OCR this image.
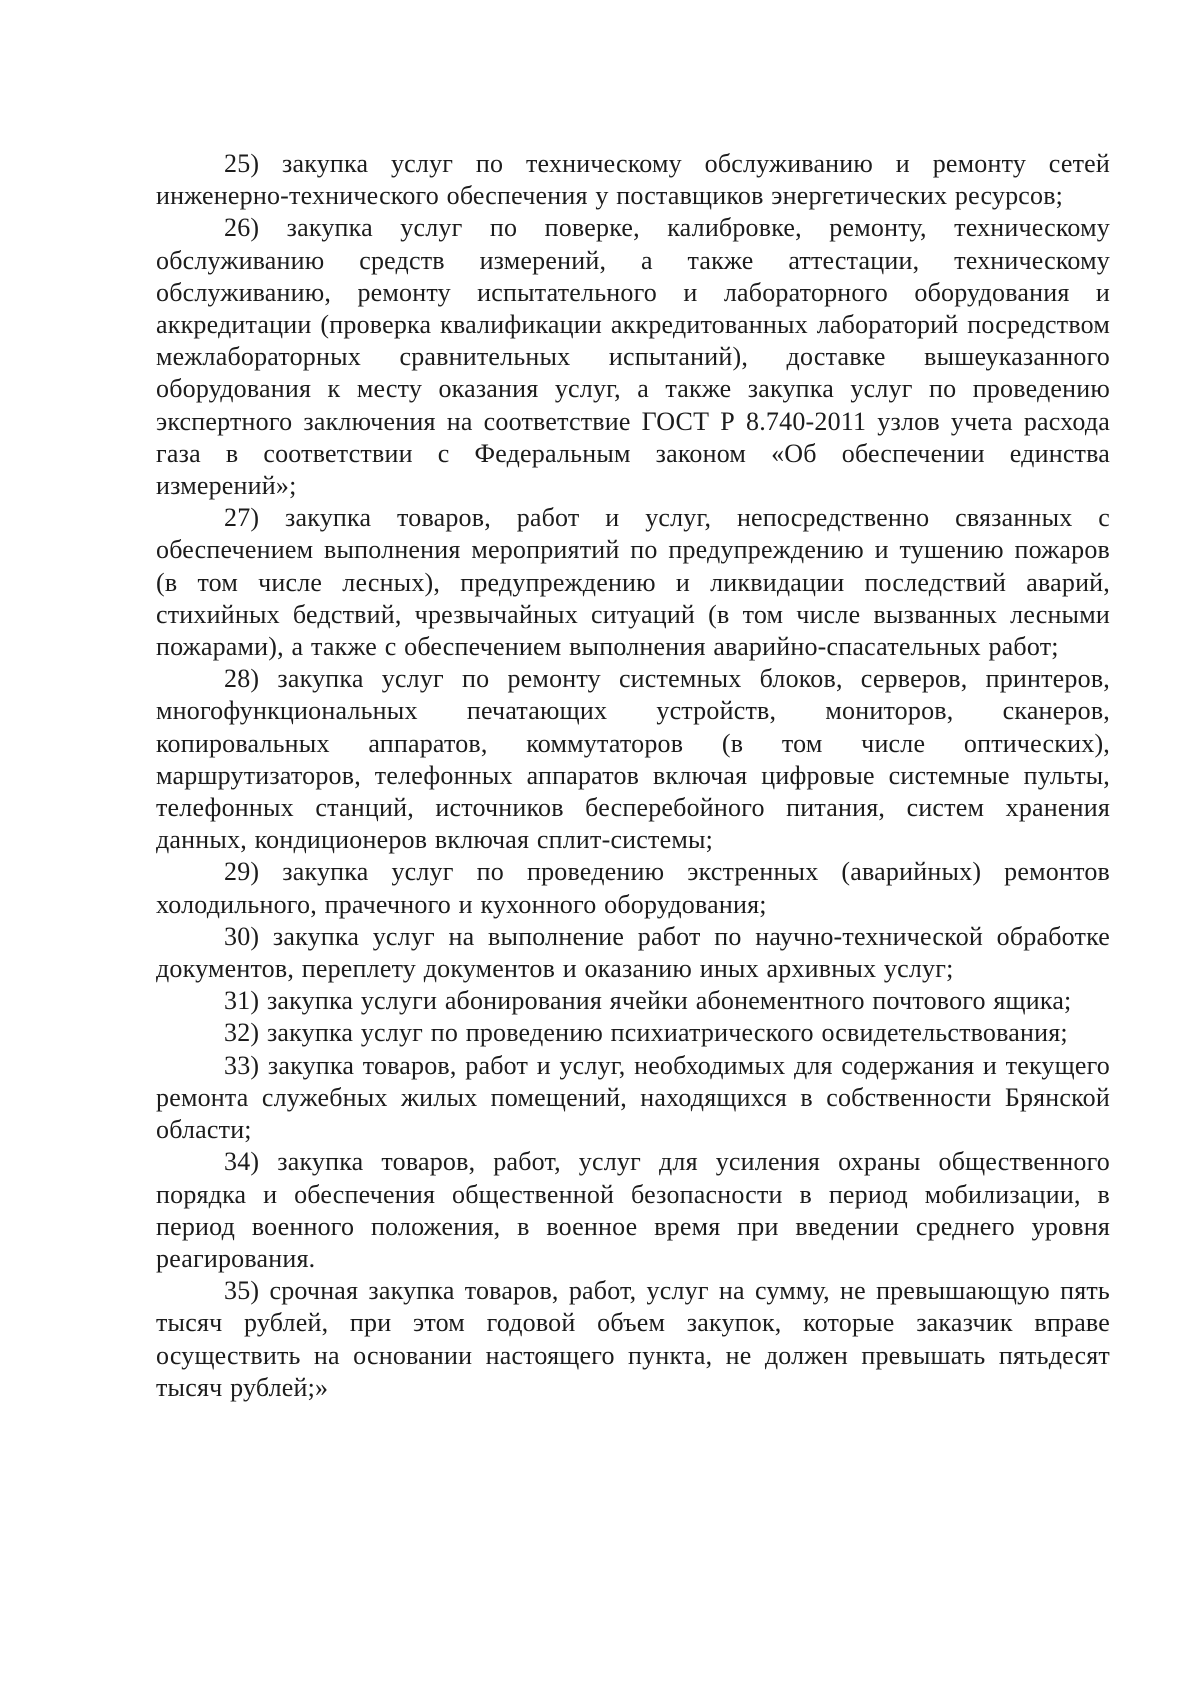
25) закупка услуг по техническому обслуживанию и ремонту сетей инженерно-технического обеспечения у поставщиков энергетических ресурсов;

26) закупка услуг по поверке, калибровке, ремонту, техническому обслуживанию средств измерений, а также аттестации, техническому обслуживанию, ремонту испытательного и лабораторного оборудования и аккредитации (проверка квалификации аккредитованных лабораторий посредством межлабораторных сравнительных испытаний), доставке вышеуказанного оборудования к месту оказания услуг, а также закупка услуг по проведению экспертного заключения на соответствие ГОСТ Р 8.740-2011 узлов учета расхода газа в соответствии с Федеральным законом «Об обеспечении единства измерений»;

27) закупка товаров, работ и услуг, непосредственно связанных с обеспечением выполнения мероприятий по предупреждению и тушению пожаров (в том числе лесных), предупреждению и ликвидации последствий аварий, стихийных бедствий, чрезвычайных ситуаций (в том числе вызванных лесными пожарами), а также с обеспечением выполнения аварийно-спасательных работ;

28) закупка услуг по ремонту системных блоков, серверов, принтеров, многофункциональных печатающих устройств, мониторов, сканеров, копировальных аппаратов, коммутаторов (в том числе оптических), маршрутизаторов, телефонных аппаратов включая цифровые системные пульты, телефонных станций, источников бесперебойного питания, систем хранения данных, кондиционеров включая сплит-системы;

29) закупка услуг по проведению экстренных (аварийных) ремонтов холодильного, прачечного и кухонного оборудования;

30) закупка услуг на выполнение работ по научно-технической обработке документов, переплету документов и оказанию иных архивных услуг;

31) закупка услуги абонирования ячейки абонементного почтового ящика;

32) закупка услуг по проведению психиатрического освидетельствования;

33) закупка товаров, работ и услуг, необходимых для содержания и текущего ремонта служебных жилых помещений, находящихся в собственности Брянской области;

34) закупка товаров, работ, услуг для усиления охраны общественного порядка и обеспечения общественной безопасности в период мобилизации, в период военного положения, в военное время при введении среднего уровня реагирования.

35) срочная закупка товаров, работ, услуг на сумму, не превышающую пять тысяч рублей, при этом годовой объем закупок, которые заказчик вправе осуществить на основании настоящего пункта, не должен превышать пятьдесят тысяч рублей;»
